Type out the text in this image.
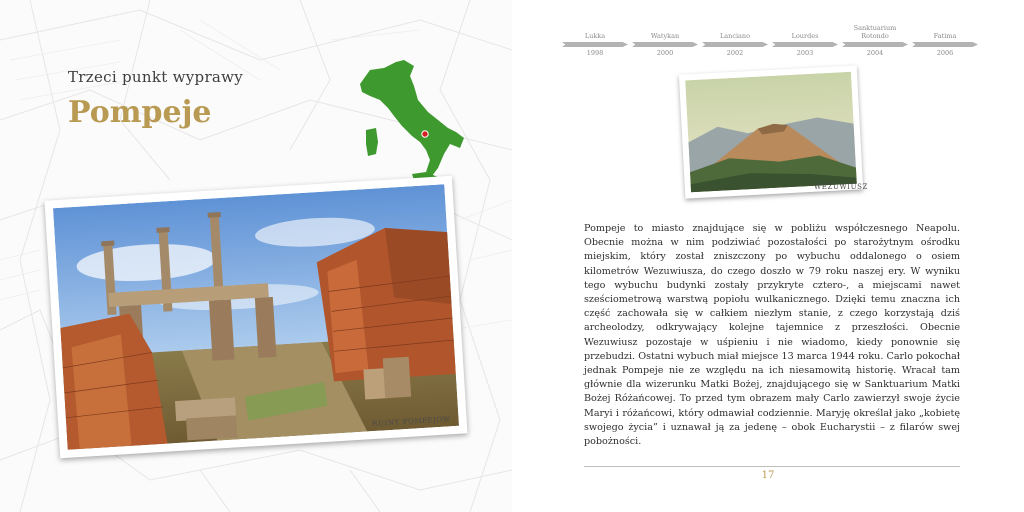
Trzeci punkt wyprawy
Pompeje
RUINY POMPEJÓW
Lukka
1998
Watykan
2000
Lanciano
2002
Lourdes
2003
Sanktuarium Rotondo
2004
Fatima
2006
WEZUWIUSZ

Pompeje to miasto znajdujące się w pobliżu współczesnego Neapolu. Obecnie można w nim podziwiać pozostałości po starożytnym ośrodku miejskim, który został zniszczony po wybuchu oddalonego o osiem kilometrów Wezuwiusza, do czego doszło w 79 roku naszej ery. W wyniku tego wybuchu budynki zostały przykryte cztero-, a miejscami nawet sześciometrową warstwą popiołu wulkanicznego. Dzięki temu znaczna ich część zachowała się w całkiem niezłym stanie, z czego korzystają dziś archeolodzy, odkrywający kolejne tajemnice z przeszłości. Obecnie Wezuwiusz pozostaje w uśpieniu i nie wiadomo, kiedy ponownie się przebudzi. Ostatni wybuch miał miejsce 13 marca 1944 roku. Carlo pokochał jednak Pompeje nie ze względu na ich niesamowitą historię. Wracał tam głównie dla wizerunku Matki Bożej, znajdującego się w Sanktuarium Matki Bożej Różańcowej. To przed tym obrazem mały Carlo zawierzył swoje życie Maryi i różańcowi, który odmawiał codziennie. Maryję określał jako „kobietę swojego życia” i uznawał ją za jedenę – obok Eucharystii – z filarów swej pobożności.

17
